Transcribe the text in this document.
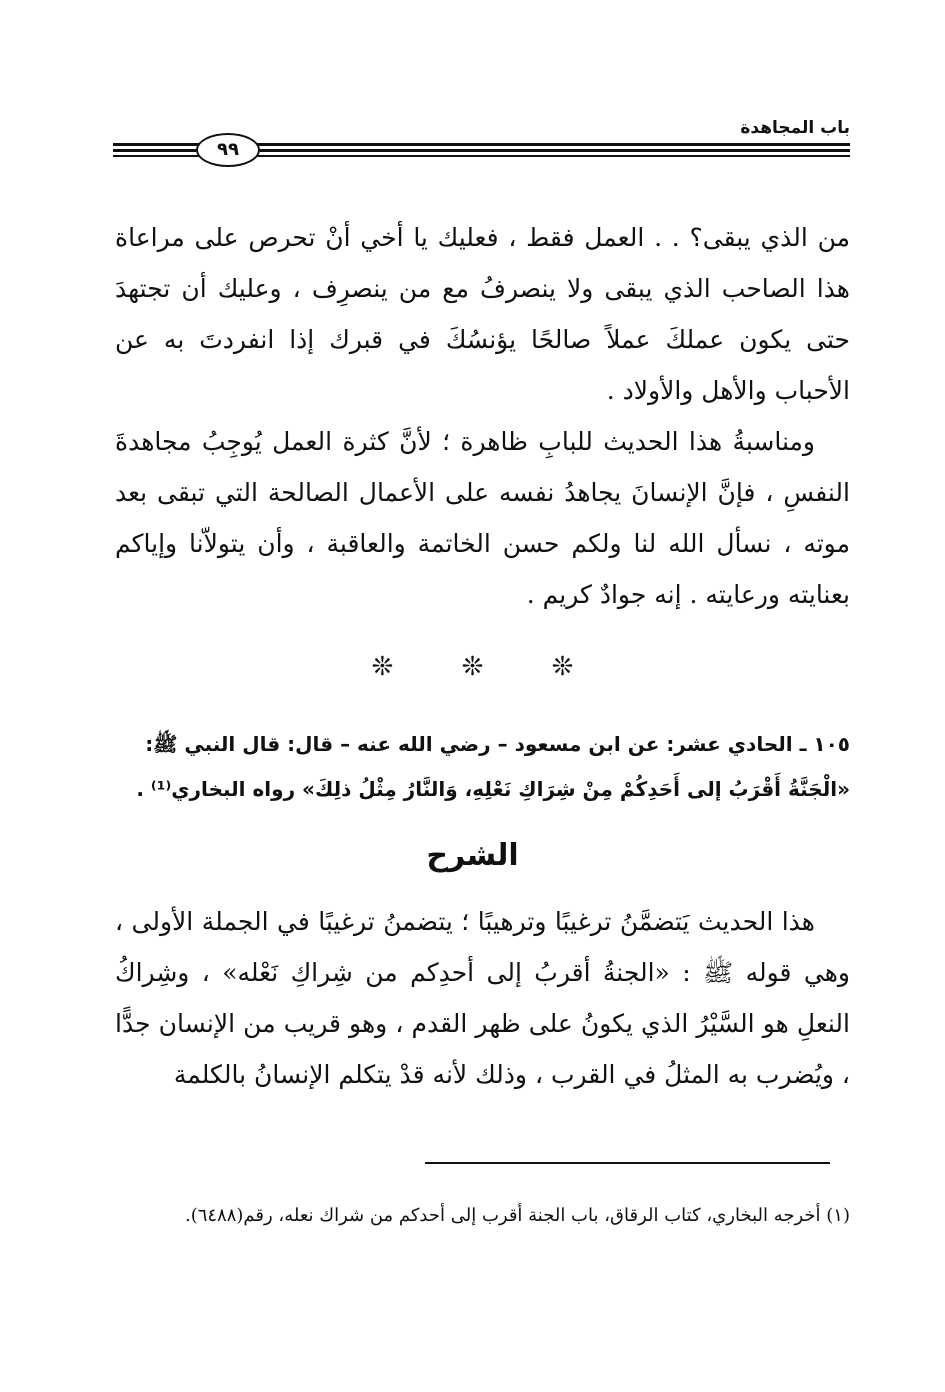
باب المجاهدة
٩٩

من الذي يبقى؟ . . العمل فقط ، فعليك يا أخي أنْ تحرص على مراعاة هذا الصاحب الذي يبقى ولا ينصرفُ مع من ينصرِف ، وعليك أن تجتهدَ حتى يكون عملكَ عملاً صالحًا يؤنسُكَ في قبرك إذا انفردتَ به عن الأحباب والأهل والأولاد .

ومناسبةُ هذا الحديث للبابِ ظاهرة ؛ لأنَّ كثرة العمل يُوجِبُ مجاهدةَ النفسِ ، فإنَّ الإنسانَ يجاهدُ نفسه على الأعمال الصالحة التي تبقى بعد موته ، نسأل الله لنا ولكم حسن الخاتمة والعاقبة ، وأن يتولاّنا وإياكم بعنايته ورعايته . إنه جوادٌ كريم .

❊ ❊ ❊

١٠٥ ـ الحادي عشر: عن ابن مسعود – رضي الله عنه – قال: قال النبي ﷺ:

«الْجَنَّةُ أَقْرَبُ إلى أَحَدِكُمْ مِنْ شِرَاكِ نَعْلِهِ، وَالنَّارُ مِثْلُ ذلِكَ» رواه البخاري⁽¹⁾ .

الشرح

هذا الحديث يَتضمَّنُ ترغيبًا وترهيبًا ؛ يتضمنُ ترغيبًا في الجملة الأولى ، وهي قوله ﷺ : «الجنةُ أقربُ إلى أحدِكم من شِراكِ نَعْله» ، وشِراكُ النعلِ هو السَّيْرُ الذي يكونُ على ظهر القدم ، وهو قريب من الإنسان جدًّا ، ويُضرب به المثلُ في القرب ، وذلك لأنه قدْ يتكلم الإنسانُ بالكلمة

(١) أخرجه البخاري، كتاب الرقاق، باب الجنة أقرب إلى أحدكم من شراك نعله، رقم(٦٤٨٨).
